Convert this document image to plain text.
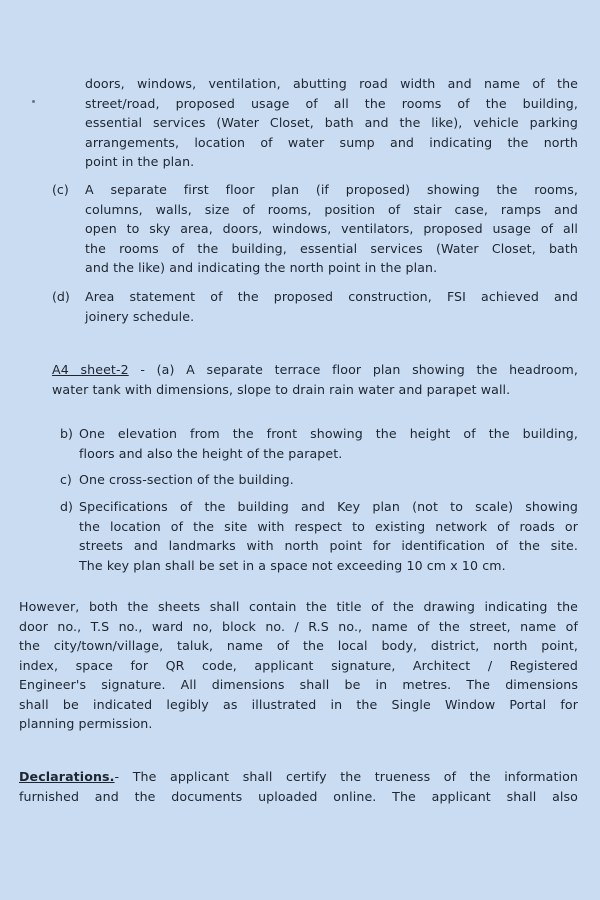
doors, windows, ventilation, abutting road width and name of the
street/road, proposed usage of all the rooms of the building,
essential services (Water Closet, bath and the like), vehicle parking
arrangements, location of water sump and indicating the north
point in the plan.
(c) A separate first floor plan (if proposed) showing the rooms,
columns, walls, size of rooms, position of stair case, ramps and
open to sky area, doors, windows, ventilators, proposed usage of all
the rooms of the building, essential services (Water Closet, bath
and the like) and indicating the north point in the plan.
(d) Area statement of the proposed construction, FSI achieved and
joinery schedule.
A4 sheet-2 - (a) A separate terrace floor plan showing the headroom,
water tank with dimensions, slope to drain rain water and parapet wall.
b) One elevation from the front showing the height of the building,
floors and also the height of the parapet.
c) One cross-section of the building.
d) Specifications of the building and Key plan (not to scale) showing
the location of the site with respect to existing network of roads or
streets and landmarks with north point for identification of the site.
The key plan shall be set in a space not exceeding 10 cm x 10 cm.
However, both the sheets shall contain the title of the drawing indicating the
door no., T.S no., ward no, block no. / R.S no., name of the street, name of
the city/town/village, taluk, name of the local body, district, north point,
index, space for QR code, applicant signature, Architect / Registered
Engineer's signature. All dimensions shall be in metres. The dimensions
shall be indicated legibly as illustrated in the Single Window Portal for
planning permission.
Declarations.- The applicant shall certify the trueness of the information
furnished and the documents uploaded online. The applicant shall also
